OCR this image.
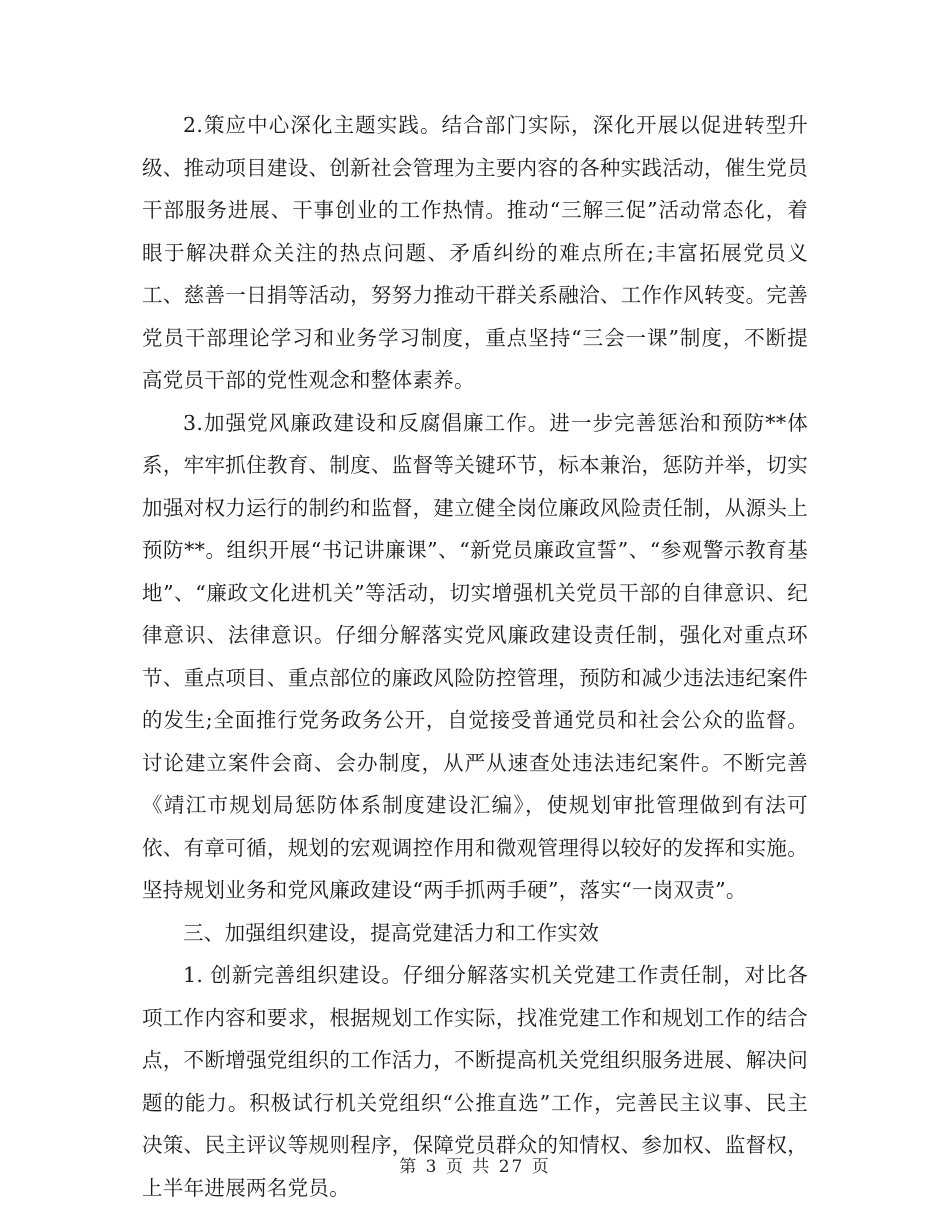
2.策应中心深化主题实践。结合部门实际，深化开展以促进转型升级、推动项目建设、创新社会管理为主要内容的各种实践活动，催生党员干部服务进展、干事创业的工作热情。推动“三解三促”活动常态化，着眼于解决群众关注的热点问题、矛盾纠纷的难点所在;丰富拓展党员义工、慈善一日捐等活动，努努力推动干群关系融洽、工作作风转变。完善党员干部理论学习和业务学习制度，重点坚持“三会一课”制度，不断提高党员干部的党性观念和整体素养。

3.加强党风廉政建设和反腐倡廉工作。进一步完善惩治和预防**体系，牢牢抓住教育、制度、监督等关键环节，标本兼治，惩防并举，切实加强对权力运行的制约和监督，建立健全岗位廉政风险责任制，从源头上预防**。组织开展“书记讲廉课”、“新党员廉政宣誓”、“参观警示教育基地”、“廉政文化进机关”等活动，切实增强机关党员干部的自律意识、纪律意识、法律意识。仔细分解落实党风廉政建设责任制，强化对重点环节、重点项目、重点部位的廉政风险防控管理，预防和减少违法违纪案件的发生;全面推行党务政务公开，自觉接受普通党员和社会公众的监督。讨论建立案件会商、会办制度，从严从速查处违法违纪案件。不断完善《靖江市规划局惩防体系制度建设汇编》，使规划审批管理做到有法可依、有章可循，规划的宏观调控作用和微观管理得以较好的发挥和实施。坚持规划业务和党风廉政建设“两手抓两手硬”，落实“一岗双责”。

三、加强组织建设，提高党建活力和工作实效

1. 创新完善组织建设。仔细分解落实机关党建工作责任制，对比各项工作内容和要求，根据规划工作实际，找准党建工作和规划工作的结合点，不断增强党组织的工作活力，不断提高机关党组织服务进展、解决问题的能力。积极试行机关党组织“公推直选”工作，完善民主议事、民主决策、民主评议等规则程序，保障党员群众的知情权、参加权、监督权，上半年进展两名党员。

第 3 页 共 27 页
